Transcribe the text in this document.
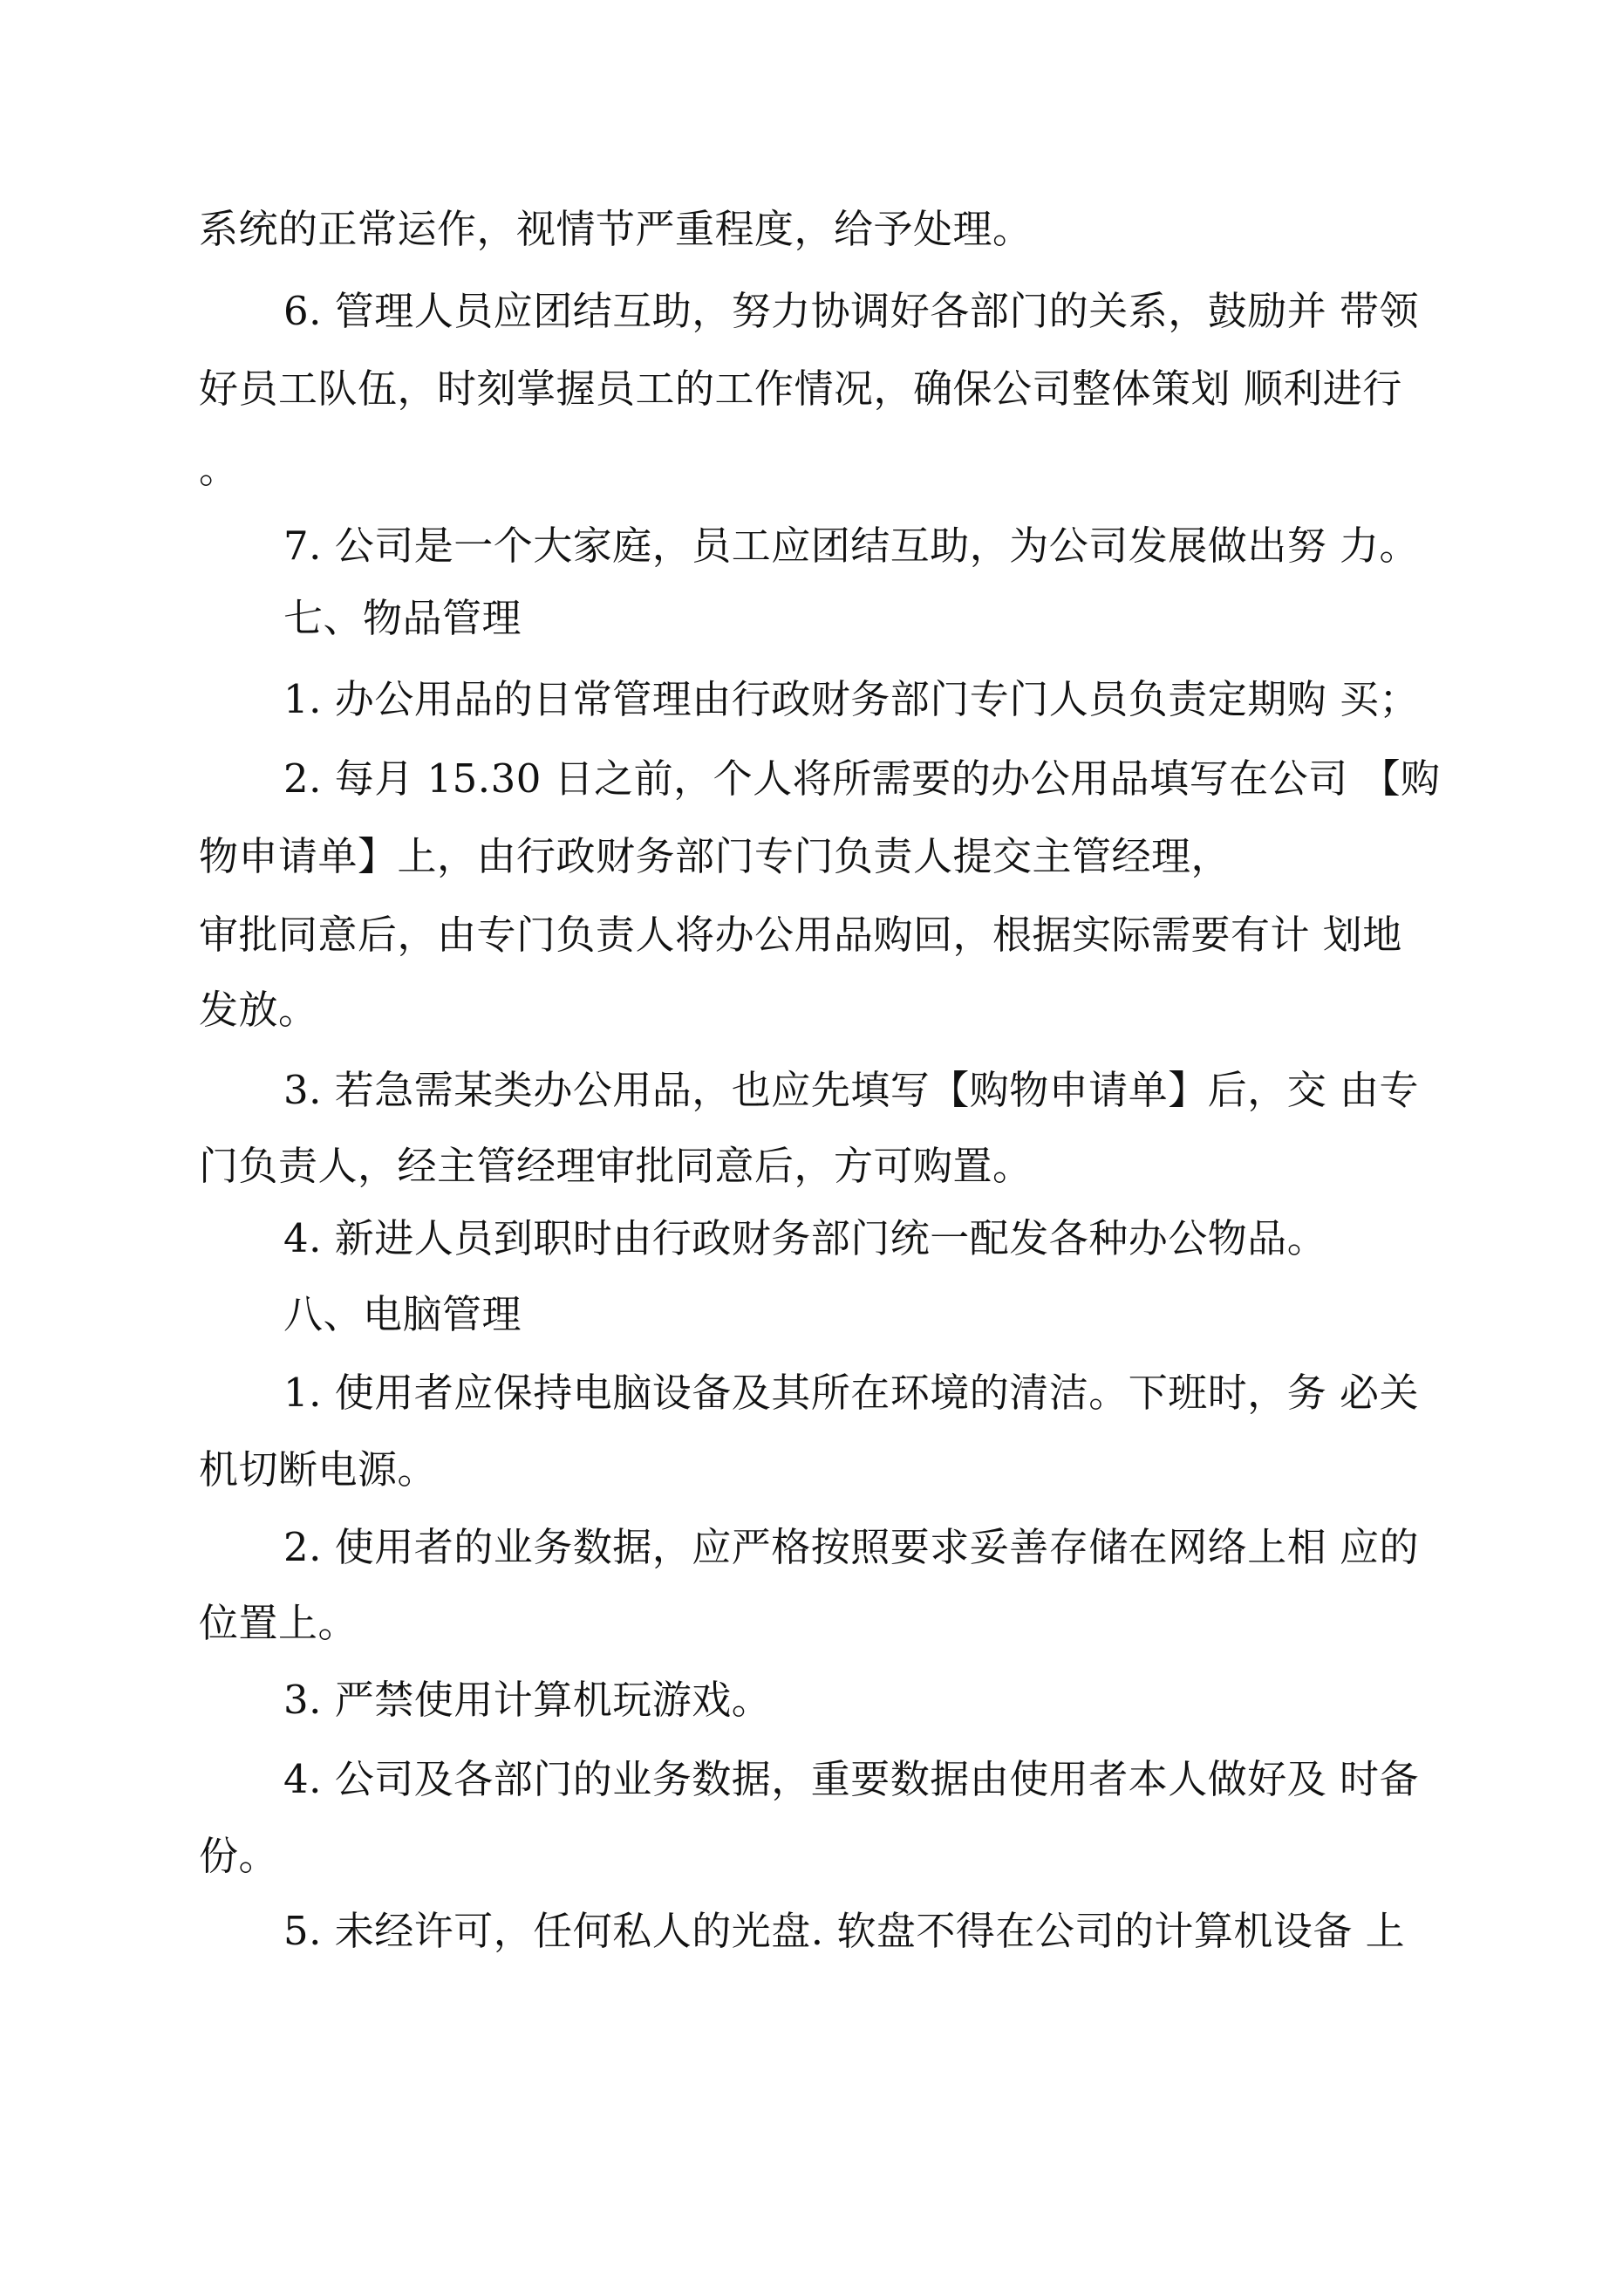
系统的正常运作，视情节严重程度，给予处理。
6. 管理人员应团结互助，努力协调好各部门的关系，鼓励并 带领
好员工队伍，时刻掌握员工的工作情况，确保公司整体策划 顺利进行
。
7. 公司是一个大家庭，员工应团结互助，为公司发展做出努 力。
七、物品管理
1. 办公用品的日常管理由行政财务部门专门人员负责定期购 买；
2. 每月 15.30 日之前，个人将所需要的办公用品填写在公司 【购
物申请单】上，由行政财务部门专门负责人提交主管经理，
审批同意后，由专门负责人将办公用品购回，根据实际需要有计 划地
发放。
3. 若急需某类办公用品，也应先填写【购物申请单】后，交 由专
门负责人，经主管经理审批同意后，方可购置。
4. 新进人员到职时由行政财务部门统一配发各种办公物品。
八、电脑管理
1. 使用者应保持电脑设备及其所在环境的清洁。下班时，务 必关
机切断电源。
2. 使用者的业务数据，应严格按照要求妥善存储在网络上相 应的
位置上。
3. 严禁使用计算机玩游戏。
4. 公司及各部门的业务数据，重要数据由使用者本人做好及 时备
份。
5. 未经许可，任何私人的光盘. 软盘不得在公司的计算机设备 上
